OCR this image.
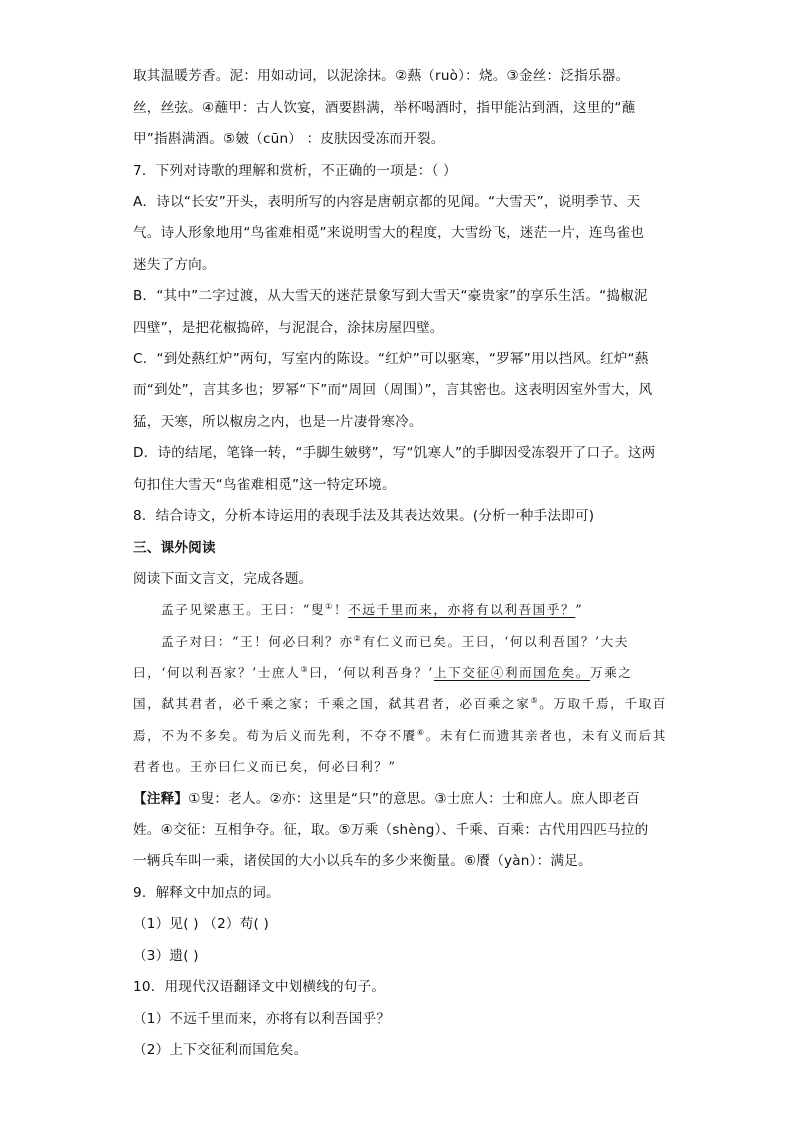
取其温暖芳香。泥：用如动词，以泥涂抹。②爇（ruò）：烧。③金丝：泛指乐器。
丝，丝弦。④蘸甲：古人饮宴，酒要斟满，举杯喝酒时，指甲能沾到酒，这里的“蘸
甲”指斟满酒。⑤皴（cūn） ：皮肤因受冻而开裂。
7．下列对诗歌的理解和赏析，不正确的一项是：（ ）
A．诗以“长安”开头，表明所写的内容是唐朝京都的见闻。“大雪天”，说明季节、天
气。诗人形象地用“鸟雀难相觅”来说明雪大的程度，大雪纷飞，迷茫一片，连鸟雀也
迷失了方向。
B．“其中”二字过渡，从大雪天的迷茫景象写到大雪天“豪贵家”的享乐生活。“捣椒泥
四壁”，是把花椒捣碎，与泥混合，涂抹房屋四壁。
C．“到处爇红炉”两句，写室内的陈设。“红炉”可以驱寒，“罗幂”用以挡风。红炉“爇
而“到处”，言其多也；罗幂“下”而“周回（周围）”，言其密也。这表明因室外雪大，风
猛，天寒，所以椒房之内，也是一片凄骨寒冷。
D．诗的结尾，笔锋一转，“手脚生皴劈”，写“饥寒人”的手脚因受冻裂开了口子。这两
句扣住大雪天“鸟雀难相觅”这一特定环境。
8．结合诗文，分析本诗运用的表现手法及其表达效果。(分析一种手法即可)
三、课外阅读
阅读下面文言文，完成各题。
孟子见梁惠王。王曰：“叟①！不远千里而来，亦将有以利吾国乎？”
孟子对曰：“王！何必曰利？亦②有仁义而已矣。王曰，‘何以利吾国？’大夫
曰，‘何以利吾家？’士庶人③曰，‘何以利吾身？’上下交征④利而国危矣。万乘之
国，弑其君者，必千乘之家；千乘之国，弑其君者，必百乘之家⑤。万取千焉，千取百
焉，不为不多矣。苟为后义而先利，不夺不餍⑥。未有仁而遗其亲者也，未有义而后其
君者也。王亦曰仁义而已矣，何必曰利？”
【注释】①叟：老人。②亦：这里是“只”的意思。③士庶人：士和庶人。庶人即老百
姓。④交征：互相争夺。征，取。⑤万乘（shèng）、千乘、百乘：古代用四匹马拉的
一辆兵车叫一乘，诸侯国的大小以兵车的多少来衡量。⑥餍（yàn）：满足。
9．解释文中加点的词。
（1）见( ) （2）苟( )
（3）遗( )
10．用现代汉语翻译文中划横线的句子。
（1）不远千里而来，亦将有以利吾国乎？
（2）上下交征利而国危矣。
